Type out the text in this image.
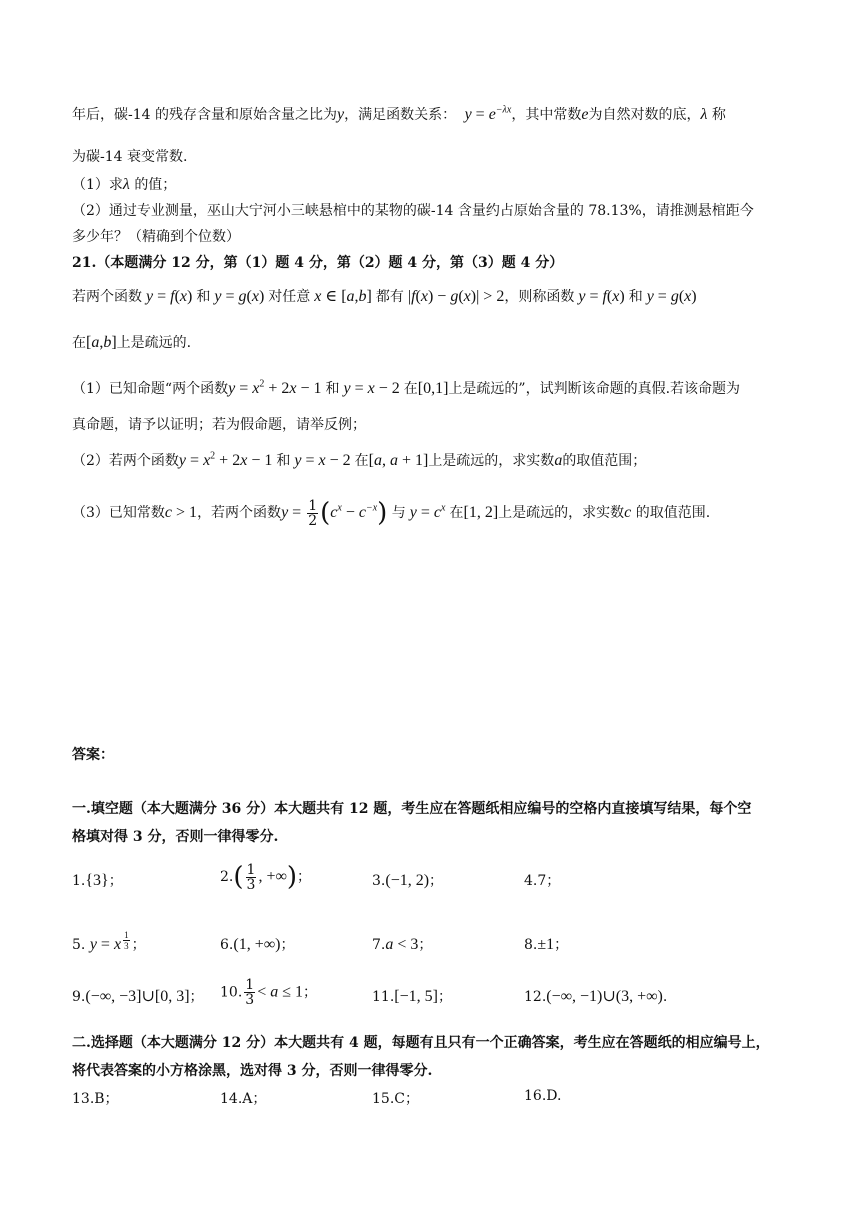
年后，碳-14 的残存含量和原始含量之比为y，满足函数关系：  $y = e^{-\lambda x}$，其中常数e为自然对数的底，λ 称
为碳-14 衰变常数.
（1）求λ 的值；
（2）通过专业测量，巫山大宁河小三峡悬棺中的某物的碳-14 含量约占原始含量的 78.13%，请推测悬棺距今
多少年？（精确到个位数）
21.（本题满分 12 分，第（1）题 4 分，第（2）题 4 分，第（3）题 4 分）
若两个函数 y = f(x) 和 y = g(x) 对任意 x ∈ [a,b] 都有 |f(x) − g(x)| > 2，则称函数 y = f(x) 和 y = g(x)
在[a,b]上是疏远的.
（1）已知命题“两个函数$y = x^2 + 2x - 1$ 和 y = x − 2 在[0,1]上是疏远的”，试判断该命题的真假.若该命题为
真命题，请予以证明；若为假命题，请举反例；
（2）若两个函数$y = x^2 + 2x - 1$ 和 y = x − 2 在[a, a + 1]上是疏远的，求实数a的取值范围；
（3）已知常数c > 1，若两个函数$y = \frac{1}{2} (c^x - c^{-x})$ 与 $y = c^x$ 在[1, 2]上是疏远的，求实数c 的取值范围.
答案：
一.填空题（本大题满分 36 分）本大题共有 12 题，考生应在答题纸相应编号的空格内直接填写结果，每个空
格填对得 3 分，否则一律得零分.
1.{3}；	$2.( \frac{1}{3}$ , +∞)；	3.(−1, 2)；	4.7；
5. y = x $^{\frac{1}{3}}$ ；	6.(1, +∞)；	7.a < 3；	8.±1；
9.(−∞, −3]∪[0, 3]； 10. $\frac{1}{3} < a \le 1$；	11.[−1, 5]；	12.(−∞, −1)∪(3, +∞).
二.选择题（本大题满分 12 分）本大题共有 4 题，每题有且只有一个正确答案，考生应在答题纸的相应编号上，
将代表答案的小方格涂黑，选对得 3 分，否则一律得零分.
13.B；	14.A；	15.C；	16.D.
